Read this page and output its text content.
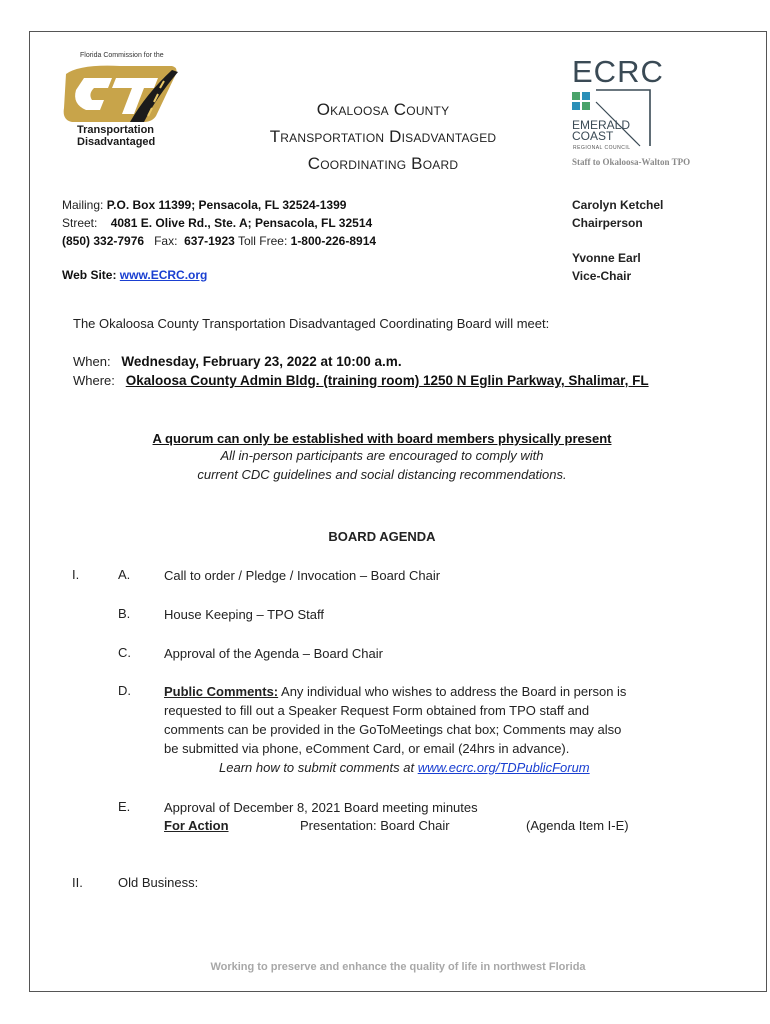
Florida Commission for the
Transportation
Disadvantaged
Okaloosa County
Transportation Disadvantaged
Coordinating Board
ECRC
EMERALD
COAST
REGIONAL COUNCIL
Staff to Okaloosa-Walton TPO
Mailing: P.O. Box 11399; Pensacola, FL 32524-1399
Street: 4081 E. Olive Rd., Ste. A; Pensacola, FL 32514
(850) 332-7976 Fax: 637-1923 Toll Free: 1-800-226-8914
Web Site: www.ECRC.org
Carolyn Ketchel
Chairperson
Yvonne Earl
Vice-Chair
The Okaloosa County Transportation Disadvantaged Coordinating Board will meet:
When: Wednesday, February 23, 2022 at 10:00 a.m.
Where: Okaloosa County Admin Bldg. (training room) 1250 N Eglin Parkway, Shalimar, FL
A quorum can only be established with board members physically present
All in-person participants are encouraged to comply with
current CDC guidelines and social distancing recommendations.
BOARD AGENDA
I.	A.	Call to order / Pledge / Invocation – Board Chair
B.	House Keeping – TPO Staff
C.	Approval of the Agenda – Board Chair
D.	Public Comments: Any individual who wishes to address the Board in person is
requested to fill out a Speaker Request Form obtained from TPO staff and
comments can be provided in the GoToMeetings chat box; Comments may also
be submitted via phone, eComment Card, or email (24hrs in advance).
Learn how to submit comments at www.ecrc.org/TDPublicForum
E.	Approval of December 8, 2021 Board meeting minutes
For Action	Presentation: Board Chair	(Agenda Item I-E)
II.	Old Business:
Working to preserve and enhance the quality of life in northwest Florida
